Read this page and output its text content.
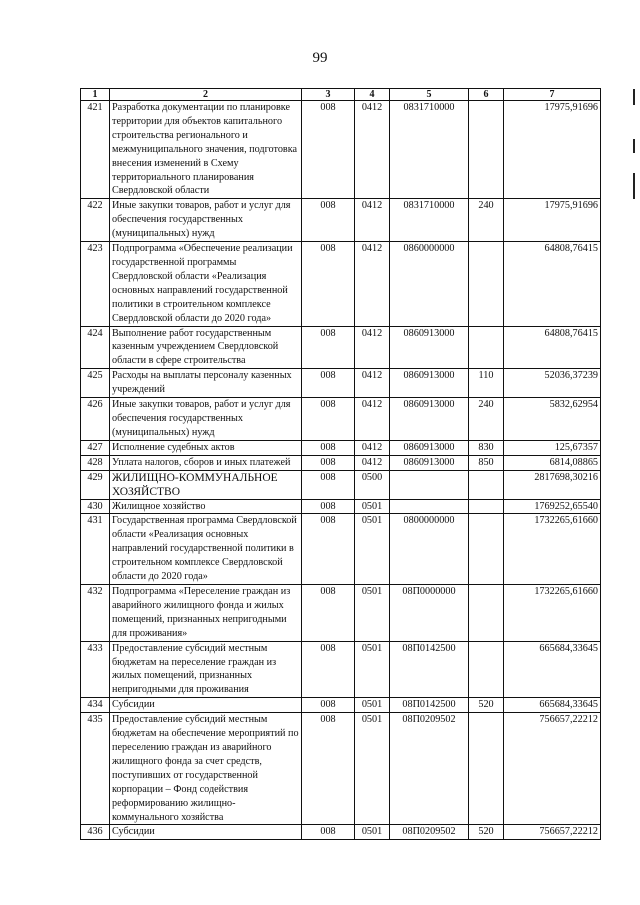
99
1	2	3	4	5	6	7
421	Разработка документации по планировке территории для объектов капитального строительства регионального и межмуниципального значения, подготовка внесения изменений в Схему территориального планирования Свердловской области	008	0412	0831710000		17975,91696
422	Иные закупки товаров, работ и услуг для обеспечения государственных (муниципальных) нужд	008	0412	0831710000	240	17975,91696
423	Подпрограмма «Обеспечение реализации государственной программы Свердловской области «Реализация основных направлений государственной политики в строительном комплексе Свердловской области до 2020 года»	008	0412	0860000000		64808,76415
424	Выполнение работ государственным казенным учреждением Свердловской области в сфере строительства	008	0412	0860913000		64808,76415
425	Расходы на выплаты персоналу казенных учреждений	008	0412	0860913000	110	52036,37239
426	Иные закупки товаров, работ и услуг для обеспечения государственных (муниципальных) нужд	008	0412	0860913000	240	5832,62954
427	Исполнение судебных актов	008	0412	0860913000	830	125,67357
428	Уплата налогов, сборов и иных платежей	008	0412	0860913000	850	6814,08865
429	ЖИЛИЩНО-КОММУНАЛЬНОЕ ХОЗЯЙСТВО	008	0500			2817698,30216
430	Жилищное хозяйство	008	0501			1769252,65540
431	Государственная программа Свердловской области «Реализация основных направлений государственной политики в строительном комплексе Свердловской области до 2020 года»	008	0501	0800000000		1732265,61660
432	Подпрограмма «Переселение граждан из аварийного жилищного фонда и жилых помещений, признанных непригодными для проживания»	008	0501	08П0000000		1732265,61660
433	Предоставление субсидий местным бюджетам на переселение граждан из жилых помещений, признанных непригодными для проживания	008	0501	08П0142500		665684,33645
434	Субсидии	008	0501	08П0142500	520	665684,33645
435	Предоставление субсидий местным бюджетам на обеспечение мероприятий по переселению граждан из аварийного жилищного фонда за счет средств, поступивших от государственной корпорации – Фонд содействия реформированию жилищно-коммунального хозяйства	008	0501	08П0209502		756657,22212
436	Субсидии	008	0501	08П0209502	520	756657,22212
